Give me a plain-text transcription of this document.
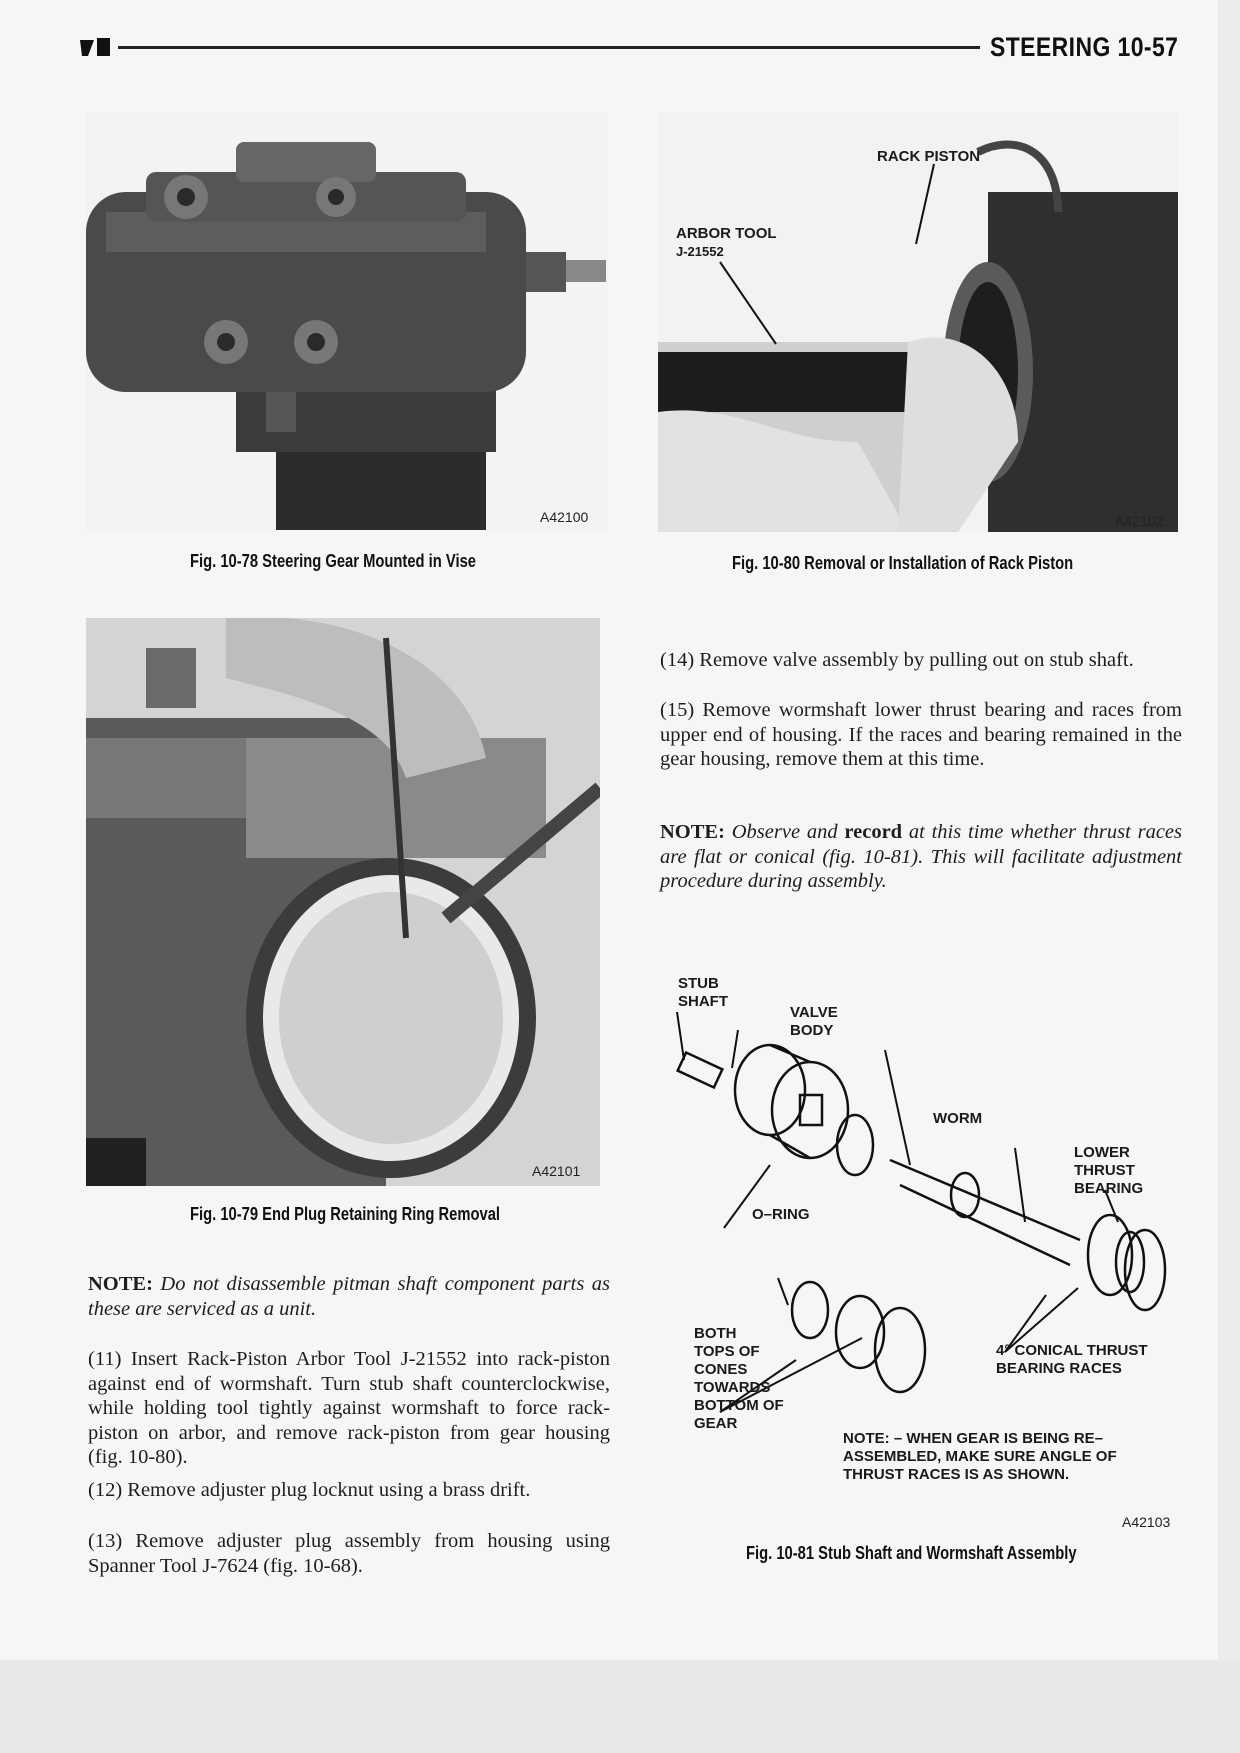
STEERING 10-57
A42100
Fig. 10-78 Steering Gear Mounted in Vise
RACK PISTON
ARBOR TOOL
J-21552
A42102
Fig. 10-80 Removal or Installation of Rack Piston
A42101
Fig. 10-79 End Plug Retaining Ring Removal

(14) Remove valve assembly by pulling out on stub shaft.

(15) Remove wormshaft lower thrust bearing and races from upper end of housing. If the races and bearing remained in the gear housing, remove them at this time.

NOTE: Observe and record at this time whether thrust races are flat or conical (fig. 10-81). This will facilitate adjustment procedure during assembly.

STUB
SHAFT
VALVE
BODY
WORM
LOWER
THRUST
BEARING
O–RING
BOTH
TOPS OF
CONES
TOWARDS
BOTTOM OF
GEAR
4° CONICAL THRUST
BEARING RACES
NOTE: – WHEN GEAR IS BEING RE–
ASSEMBLED, MAKE SURE ANGLE OF
THRUST RACES IS AS SHOWN.
A42103
Fig. 10-81 Stub Shaft and Wormshaft Assembly

NOTE: Do not disassemble pitman shaft component parts as these are serviced as a unit.

(11) Insert Rack-Piston Arbor Tool J-21552 into rack-piston against end of wormshaft. Turn stub shaft counterclockwise, while holding tool tightly against wormshaft to force rack-piston on arbor, and remove rack-piston from gear housing (fig. 10-80).

(12) Remove adjuster plug locknut using a brass drift.

(13) Remove adjuster plug assembly from housing using Spanner Tool J-7624 (fig. 10-68).
